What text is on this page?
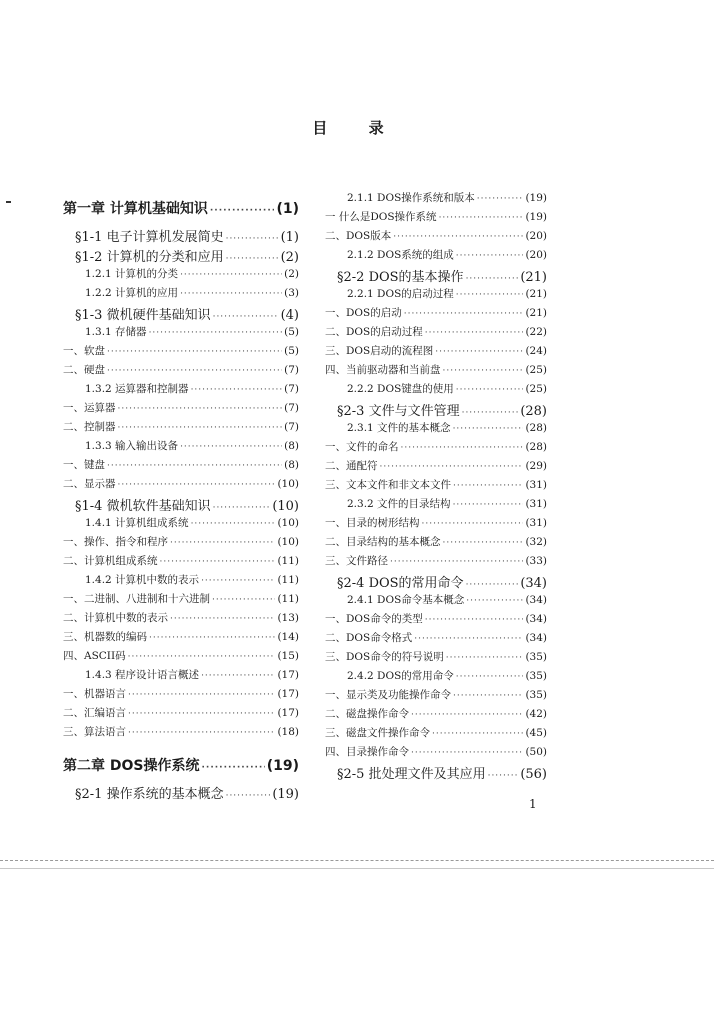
目 录
第一章 计算机基础知识 ·····	(1)
§1-1 电子计算机发展简史 ·····	(1)
§1-2 计算机的分类和应用 ·····	(2)
1.2.1 计算机的分类 ·····	(2)
1.2.2 计算机的应用 ·····	(3)
§1-3 微机硬件基础知识 ·····	(4)
1.3.1 存储器 ·····	(5)
一、软盘 ·····	(5)
二、硬盘 ·····	(7)
1.3.2 运算器和控制器 ·····	(7)
一、运算器 ·····	(7)
二、控制器 ·····	(7)
1.3.3 输入输出设备 ·····	(8)
一、键盘 ·····	(8)
二、显示器 ·····	(10)
§1-4 微机软件基础知识 ·····	(10)
1.4.1 计算机组成系统 ·····	(10)
一、操作、指令和程序 ·····	(10)
二、计算机组成系统 ·····	(11)
1.4.2 计算机中数的表示 ·····	(11)
一、二进制、八进制和十六进制 ·····	(11)
二、计算机中数的表示 ·····	(13)
三、机器数的编码 ·····	(14)
四、ASCII码 ·····	(15)
1.4.3 程序设计语言概述 ·····	(17)
一、机器语言 ·····	(17)
二、汇编语言 ·····	(17)
三、算法语言 ·····	(18)
第二章 DOS操作系统 ·····	(19)
§2-1 操作系统的基本概念 ·····	(19)
2.1.1 DOS操作系统和版本 ·····	(19)
一 什么是DOS操作系统 ·····	(19)
二、DOS版本 ·····	(20)
2.1.2 DOS系统的组成 ·····	(20)
§2-2 DOS的基本操作 ·····	(21)
2.2.1 DOS的启动过程 ·····	(21)
一、DOS的启动 ·····	(21)
二、DOS的启动过程 ·····	(22)
三、DOS启动的流程图 ·····	(24)
四、当前驱动器和当前盘 ·····	(25)
2.2.2 DOS键盘的使用 ·····	(25)
§2-3 文件与文件管理 ·····	(28)
2.3.1 文件的基本概念 ·····	(28)
一、文件的命名 ·····	(28)
二、通配符 ·····	(29)
三、文本文件和非文本文件 ·····	(31)
2.3.2 文件的目录结构 ·····	(31)
一、目录的树形结构 ·····	(31)
二、目录结构的基本概念 ·····	(32)
三、文件路径 ·····	(33)
§2-4 DOS的常用命令 ·····	(34)
2.4.1 DOS命令基本概念 ·····	(34)
一、DOS命令的类型 ·····	(34)
二、DOS命令格式 ·····	(34)
三、DOS命令的符号说明 ·····	(35)
2.4.2 DOS的常用命令 ·····	(35)
一、显示类及功能操作命令 ·····	(35)
二、磁盘操作命令 ·····	(42)
三、磁盘文件操作命令 ·····	(45)
四、目录操作命令 ·····	(50)
§2-5 批处理文件及其应用 ·····	(56)
1
